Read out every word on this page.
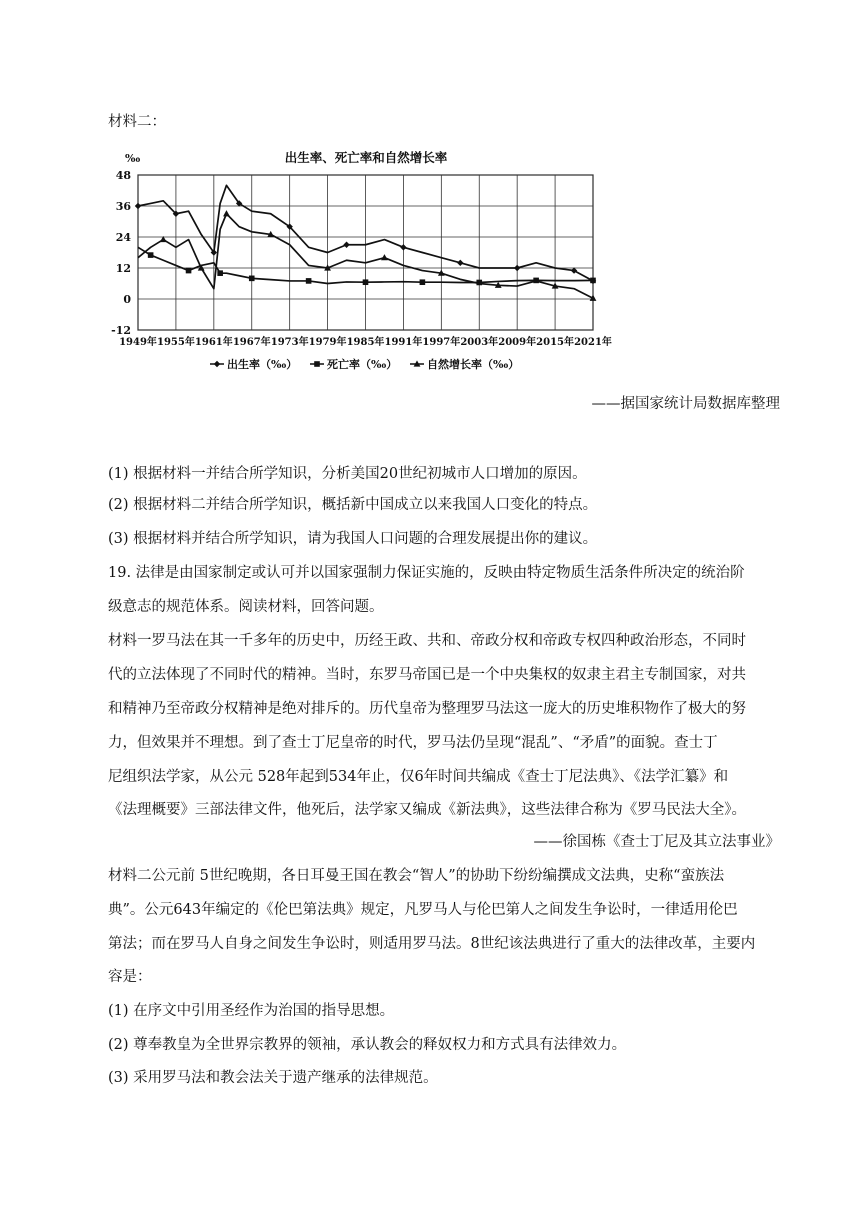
材料二：
出生率、死亡率和自然增长率
‰
1949年 1955年 1961年 1967年 1973年 1979年 1985年 1991年 1997年 2003年 2009年 2015年 2021年
-12
0
12
24
36
48
出生率（‰）	死亡率（‰）	自然增长率（‰）
——据国家统计局数据库整理
(1) 根据材料一并结合所学知识，分析美国20世纪初城市人口增加的原因。
(2) 根据材料二并结合所学知识，概括新中国成立以来我国人口变化的特点。
(3) 根据材料并结合所学知识，请为我国人口问题的合理发展提出你的建议。
19. 法律是由国家制定或认可并以国家强制力保证实施的，反映由特定物质生活条件所决定的统治阶
级意志的规范体系。阅读材料，回答问题。
材料一罗马法在其一千多年的历史中，历经王政、共和、帝政分权和帝政专权四种政治形态，不同时
代的立法体现了不同时代的精神。当时，东罗马帝国已是一个中央集权的奴隶主君主专制国家，对共
和精神乃至帝政分权精神是绝对排斥的。历代皇帝为整理罗马法这一庞大的历史堆积物作了极大的努
力，但效果并不理想。到了查士丁尼皇帝的时代，罗马法仍呈现“混乱”、“矛盾”的面貌。查士丁
尼组织法学家，从公元 528年起到534年止，仅6年时间共编成《查士丁尼法典》、《法学汇纂》和
《法理概要》三部法律文件，他死后，法学家又编成《新法典》，这些法律合称为《罗马民法大全》。
——徐国栋《查士丁尼及其立法事业》
材料二公元前 5世纪晚期，各日耳曼王国在教会“智人”的协助下纷纷编撰成文法典，史称“蛮族法
典”。公元643年编定的《伦巴第法典》规定，凡罗马人与伦巴第人之间发生争讼时，一律适用伦巴
第法；而在罗马人自身之间发生争讼时，则适用罗马法。8世纪该法典进行了重大的法律改革，主要内
容是：
(1) 在序文中引用圣经作为治国的指导思想。
(2) 尊奉教皇为全世界宗教界的领袖，承认教会的释奴权力和方式具有法律效力。
(3) 采用罗马法和教会法关于遗产继承的法律规范。
